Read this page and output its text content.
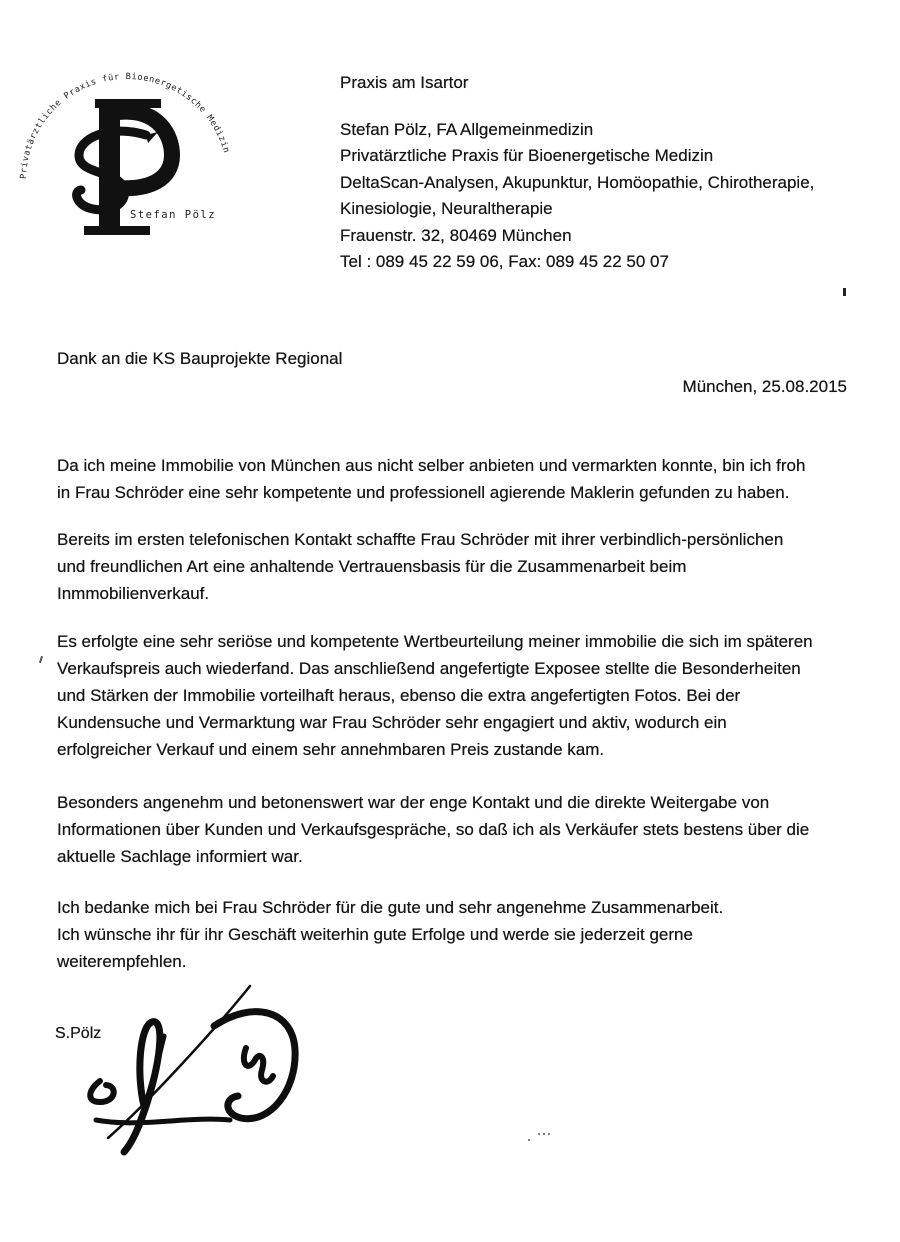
Privatärztliche Praxis für Bioenergetische Medizin
Stefan Pölz
Praxis am Isartor
Stefan Pölz, FA Allgemeinmedizin
Privatärztliche Praxis für Bioenergetische Medizin
DeltaScan-Analysen, Akupunktur, Homöopathie, Chirotherapie,
Kinesiologie, Neuraltherapie
Frauenstr. 32, 80469 München
Tel : 089 45 22 59 06, Fax: 089 45 22 50 07
Dank an die KS Bauprojekte Regional
München, 25.08.2015
Da ich meine Immobilie von München aus nicht selber anbieten und vermarkten konnte, bin ich froh
in Frau Schröder eine sehr kompetente und professionell agierende Maklerin gefunden zu haben.
Bereits im ersten telefonischen Kontakt schaffte Frau Schröder mit ihrer verbindlich-persönlichen
und freundlichen Art eine anhaltende Vertrauensbasis für die Zusammenarbeit beim
Inmmobilienverkauf.
Es erfolgte eine sehr seriöse und kompetente Wertbeurteilung meiner immobilie die sich im späteren
Verkaufspreis auch wiederfand. Das anschließend angefertigte Exposee stellte die Besonderheiten
und Stärken der Immobilie vorteilhaft heraus, ebenso die extra angefertigten Fotos. Bei der
Kundensuche und Vermarktung war Frau Schröder sehr engagiert und aktiv, wodurch ein
erfolgreicher Verkauf und einem sehr annehmbaren Preis zustande kam.
Besonders angenehm und betonenswert war der enge Kontakt und die direkte Weitergabe von
Informationen über Kunden und Verkaufsgespräche, so daß ich als Verkäufer stets bestens über die
aktuelle Sachlage informiert war.
Ich bedanke mich bei Frau Schröder für die gute und sehr angenehme Zusammenarbeit.
Ich wünsche ihr für ihr Geschäft weiterhin gute Erfolge und werde sie jederzeit gerne
weiterempfehlen.
S.Pölz
